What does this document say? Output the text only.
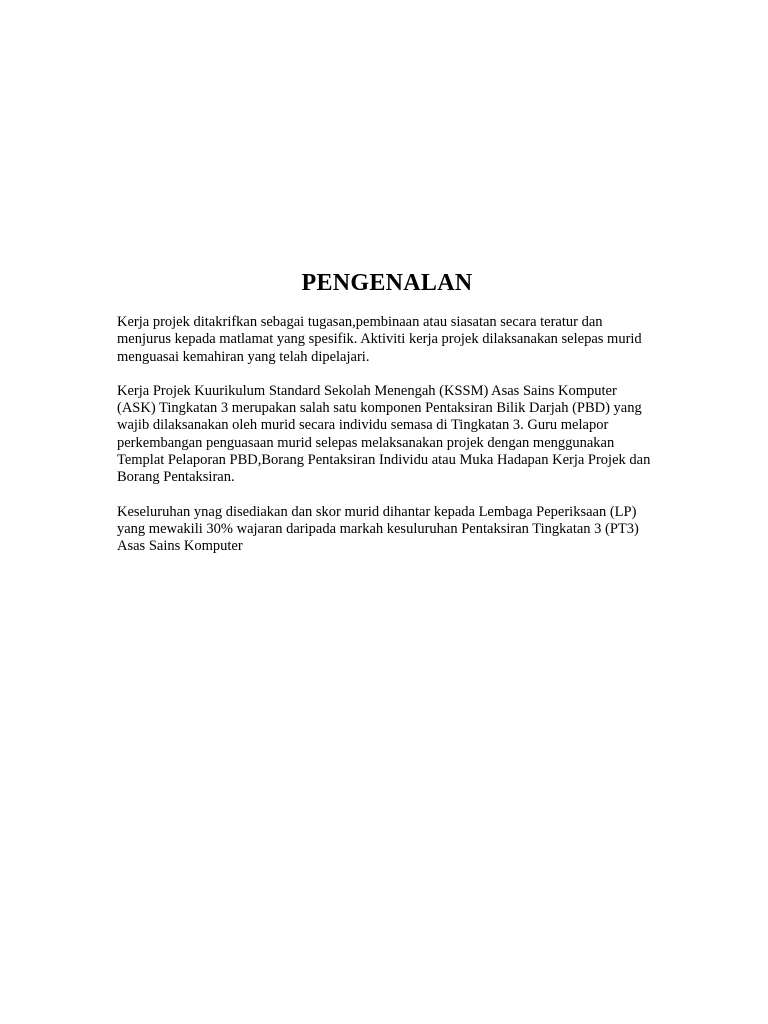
PENGENALAN

Kerja projek ditakrifkan sebagai tugasan,pembinaan atau siasatan secara teratur dan menjurus kepada matlamat yang spesifik. Aktiviti kerja projek dilaksanakan selepas murid menguasai kemahiran yang telah dipelajari.

Kerja Projek Kuurikulum Standard Sekolah Menengah (KSSM) Asas Sains Komputer (ASK) Tingkatan 3 merupakan salah satu komponen Pentaksiran Bilik Darjah (PBD) yang wajib dilaksanakan oleh murid secara individu semasa di Tingkatan 3. Guru melapor perkembangan penguasaan murid selepas melaksanakan projek dengan menggunakan Templat Pelaporan PBD,Borang Pentaksiran Individu atau Muka Hadapan Kerja Projek dan Borang Pentaksiran.

Keseluruhan ynag disediakan dan skor murid dihantar kepada Lembaga Peperiksaan (LP) yang mewakili 30% wajaran daripada markah kesuluruhan Pentaksiran Tingkatan 3 (PT3) Asas Sains Komputer
